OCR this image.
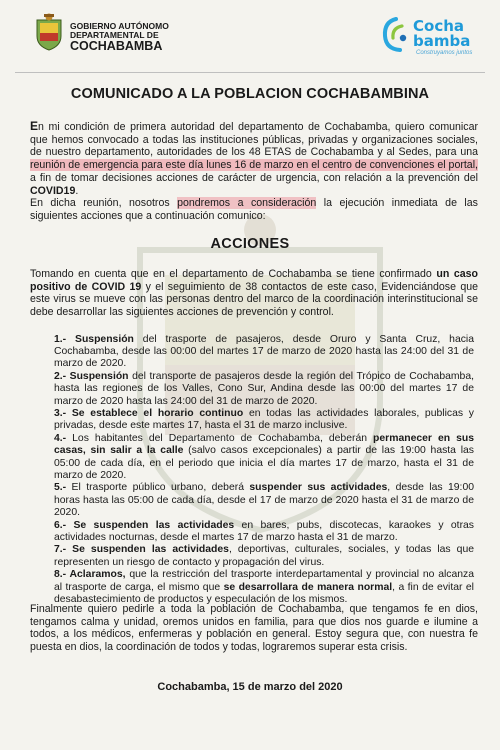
GOBIERNO AUTÓNOMO
DEPARTAMENTAL DE
COCHABAMBA
Cocha
bamba
Construyamos juntos
COMUNICADO A LA POBLACION COCHABAMBINA
En mi condición de primera autoridad del departamento de Cochabamba, quiero comunicar que hemos convocado a todas las instituciones públicas, privadas y organizaciones sociales, de nuestro departamento, autoridades de los 48 ETAS de Cochabamba y al Sedes, para una reunión de emergencia para este día lunes 16 de marzo en el centro de convenciones el portal, a fin de tomar decisiones acciones de carácter de urgencia, con relación a la prevención del COVID19.
En dicha reunión, nosotros pondremos a consideración la ejecución inmediata de las siguientes acciones que a continuación comunico:
ACCIONES
Tomando en cuenta que en el departamento de Cochabamba se tiene confirmado un caso positivo de COVID 19 y el seguimiento de 38 contactos de este caso, Evidenciándose que este virus se mueve con las personas dentro del marco de la coordinación interinstitucional se debe desarrollar las siguientes acciones de prevención y control.
1.- Suspensión del trasporte de pasajeros, desde Oruro y Santa Cruz, hacia Cochabamba, desde las 00:00 del martes 17 de marzo de 2020 hasta las 24:00 del 31 de marzo de 2020.
2.- Suspensión del transporte de pasajeros desde la región del Trópico de Cochabamba, hasta las regiones de los Valles, Cono Sur, Andina desde las 00:00 del martes 17 de marzo de 2020 hasta las 24:00 del 31 de marzo de 2020.
3.- Se establece el horario continuo en todas las actividades laborales, publicas y privadas, desde este martes 17, hasta el 31 de marzo inclusive.
4.- Los habitantes del Departamento de Cochabamba, deberán permanecer en sus casas, sin salir a la calle (salvo casos excepcionales) a partir de las 19:00 hasta las 05:00 de cada día, en el periodo que inicia el día martes 17 de marzo, hasta el 31 de marzo de 2020.
5.- El trasporte público urbano, deberá suspender sus actividades, desde las 19:00 horas hasta las 05:00 de cada día, desde el 17 de marzo de 2020 hasta el 31 de marzo de 2020.
6.- Se suspenden las actividades en bares, pubs, discotecas, karaokes y otras actividades nocturnas, desde el martes 17 de marzo hasta el 31 de marzo.
7.- Se suspenden las actividades, deportivas, culturales, sociales, y todas las que representen un riesgo de contacto y propagación del virus.
8.- Aclaramos, que la restricción del trasporte interdepartamental y provincial no alcanza al trasporte de carga, el mismo que se desarrollara de manera normal, a fin de evitar el desabastecimiento de productos y especulación de los mismos.
Finalmente quiero pedirle a toda la población de Cochabamba, que tengamos fe en dios, tengamos calma y unidad, oremos unidos en familia, para que dios nos guarde e ilumine a todos, a los médicos, enfermeras y población en general. Estoy segura que, con nuestra fe puesta en dios, la coordinación de todos y todas, lograremos superar esta crisis.
Cochabamba, 15 de marzo del 2020
